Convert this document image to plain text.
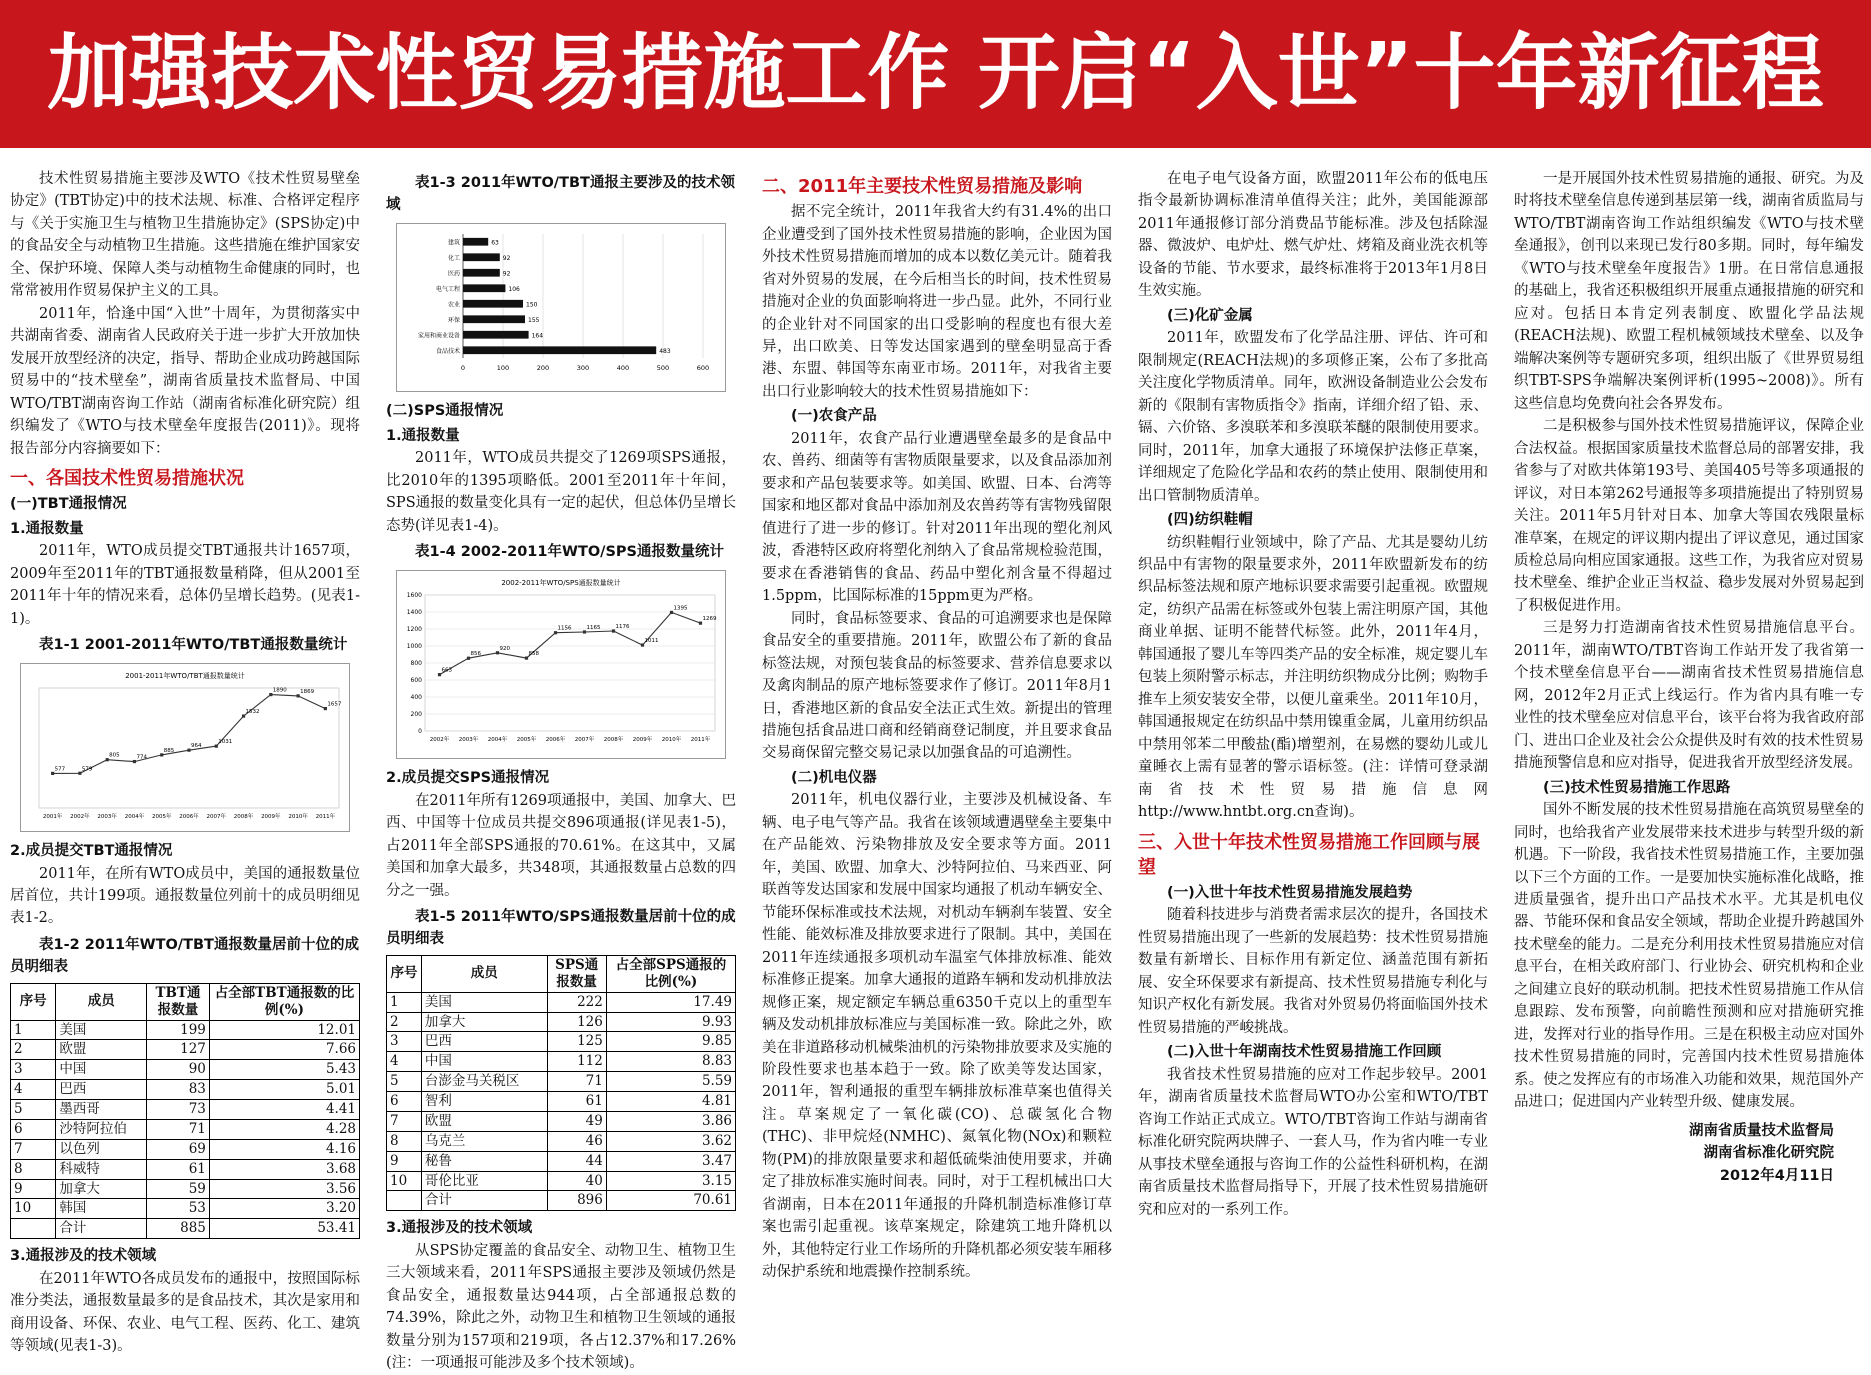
加强技术性贸易措施工作 开启“入世”十年新征程

技术性贸易措施主要涉及WTO《技术性贸易壁垒协定》(TBT协定)中的技术法规、标准、合格评定程序与《关于实施卫生与植物卫生措施协定》(SPS协定)中的食品安全与动植物卫生措施。这些措施在维护国家安全、保护环境、保障人类与动植物生命健康的同时，也常常被用作贸易保护主义的工具。

2011年，恰逢中国“入世”十周年，为贯彻落实中共湖南省委、湖南省人民政府关于进一步扩大开放加快发展开放型经济的决定，指导、帮助企业成功跨越国际贸易中的“技术壁垒”，湖南省质量技术监督局、中国WTO/TBT湖南咨询工作站（湖南省标准化研究院）组织编发了《WTO与技术壁垒年度报告(2011)》。现将报告部分内容摘要如下：

一、各国技术性贸易措施状况
(一)TBT通报情况
1.通报数量

2011年，WTO成员提交TBT通报共计1657项，2009年至2011年的TBT通报数量稍降，但从2001至2011年十年的情况来看，总体仍呈增长趋势。(见表1-1)。

表1-1 2001-2011年WTO/TBT通报数量统计
2001-2011年WTO/TBT通报数量统计
577	579
805	774
885
964
1031
1532
1890 1869
1657
2001年 2002年 2003年 2004年 2005年 2006年 2007年 2008年 2009年 2010年 2011年
2.成员提交TBT通报情况

2011年，在所有WTO成员中，美国的通报数量位居首位，共计199项。通报数量位列前十的成员明细见表1-2。

表1-2 2011年WTO/TBT通报数量居前十位的成员明细表
序号	成员	TBT通报数量	占全部TBT通报数的比例(%)
1	美国	199	12.01
2	欧盟	127	7.66
3	中国	90	5.43
4	巴西	83	5.01
5	墨西哥	73	4.41
6	沙特阿拉伯	71	4.28
7	以色列	69	4.16
8	科威特	61	3.68
9	加拿大	59	3.56
10	韩国	53	3.20
	合计	885	53.41
3.通报涉及的技术领域

在2011年WTO各成员发布的通报中，按照国际标准分类法，通报数量最多的是食品技术，其次是家用和商用设备、环保、农业、电气工程、医药、化工、建筑等领域(见表1-3)。

表1-3 2011年WTO/TBT通报主要涉及的技术领域
0	100	200	300	400	500	600
建筑	63
化工	92
医药	92
电气工程	106
农业	150
环保	155
家用和商业设备	164
食品技术	483
(二)SPS通报情况
1.通报数量

2011年，WTO成员共提交了1269项SPS通报，比2010年的1395项略低。2001至2011年十年间，SPS通报的数量变化具有一定的起伏，但总体仍呈增长态势(详见表1-4)。

表1-4 2002-2011年WTO/SPS通报数量统计
2002-2011年WTO/SPS通报数量统计
0
200
400
600
800
1000
1200
1400
1600
663
856
920
858
1156	1165	1176
1011
1395
1269
2002年 2003年 2004年 2005年 2006年 2007年 2008年 2009年 2010年 2011年
2.成员提交SPS通报情况

在2011年所有1269项通报中，美国、加拿大、巴西、中国等十位成员共提交896项通报(详见表1-5)，占2011年全部SPS通报的70.61%。在这其中，又属美国和加拿大最多，共348项，其通报数量占总数的四分之一强。

表1-5 2011年WTO/SPS通报数量居前十位的成员明细表
序号	成员	SPS通报数量	占全部SPS通报的比例(%)
1	美国	222	17.49
2	加拿大	126	9.93
3	巴西	125	9.85
4	中国	112	8.83
5	台澎金马关税区	71	5.59
6	智利	61	4.81
7	欧盟	49	3.86
8	乌克兰	46	3.62
9	秘鲁	44	3.47
10	哥伦比亚	40	3.15
	合计	896	70.61
3.通报涉及的技术领域

从SPS协定覆盖的食品安全、动物卫生、植物卫生三大领域来看，2011年SPS通报主要涉及领域仍然是食品安全，通报数量达944项，占全部通报总数的74.39%，除此之外，动物卫生和植物卫生领域的通报数量分别为157项和219项，各占12.37%和17.26%(注：一项通报可能涉及多个技术领域)。

二、2011年主要技术性贸易措施及影响

据不完全统计，2011年我省大约有31.4%的出口企业遭受到了国外技术性贸易措施的影响，企业因为国外技术性贸易措施而增加的成本以数亿美元计。随着我省对外贸易的发展，在今后相当长的时间，技术性贸易措施对企业的负面影响将进一步凸显。此外，不同行业的企业针对不同国家的出口受影响的程度也有很大差异，出口欧美、日等发达国家遇到的壁垒明显高于香港、东盟、韩国等东南亚市场。2011年，对我省主要出口行业影响较大的技术性贸易措施如下：

(一)农食产品

2011年，农食产品行业遭遇壁垒最多的是食品中农、兽药、细菌等有害物质限量要求，以及食品添加剂要求和产品包装要求等。如美国、欧盟、日本、台湾等国家和地区都对食品中添加剂及农兽药等有害物残留限值进行了进一步的修订。针对2011年出现的塑化剂风波，香港特区政府将塑化剂纳入了食品常规检验范围，要求在香港销售的食品、药品中塑化剂含量不得超过1.5ppm，比国际标准的15ppm更为严格。

同时，食品标签要求、食品的可追溯要求也是保障食品安全的重要措施。2011年，欧盟公布了新的食品标签法规，对预包装食品的标签要求、营养信息要求以及禽肉制品的原产地标签要求作了修订。2011年8月1日，香港地区新的食品安全法正式生效。新提出的管理措施包括食品进口商和经销商登记制度，并且要求食品交易商保留完整交易记录以加强食品的可追溯性。

(二)机电仪器

2011年，机电仪器行业，主要涉及机械设备、车辆、电子电气等产品。我省在该领域遭遇壁垒主要集中在产品能效、污染物排放及安全要求等方面。2011年，美国、欧盟、加拿大、沙特阿拉伯、马来西亚、阿联酋等发达国家和发展中国家均通报了机动车辆安全、节能环保标准或技术法规，对机动车辆刹车装置、安全性能、能效标准及排放要求进行了限制。其中，美国在2011年连续通报多项机动车温室气体排放标准、能效标准修正提案。加拿大通报的道路车辆和发动机排放法规修正案，规定额定车辆总重6350千克以上的重型车辆及发动机排放标准应与美国标准一致。除此之外，欧美在非道路移动机械柴油机的污染物排放要求及实施的阶段性要求也基本趋于一致。除了欧美等发达国家，2011年，智利通报的重型车辆排放标准草案也值得关注。草案规定了一氧化碳(CO)、总碳氢化合物(THC)、非甲烷烃(NMHC)、氮氧化物(NOx)和颗粒物(PM)的排放限量要求和超低硫柴油使用要求，并确定了排放标准实施时间表。同时，对于工程机械出口大省湖南，日本在2011年通报的升降机制造标准修订草案也需引起重视。该草案规定，除建筑工地升降机以外，其他特定行业工作场所的升降机都必须安装车厢移动保护系统和地震操作控制系统。

在电子电气设备方面，欧盟2011年公布的低电压指令最新协调标准清单值得关注；此外，美国能源部2011年通报修订部分消费品节能标准。涉及包括除湿器、微波炉、电炉灶、燃气炉灶、烤箱及商业洗衣机等设备的节能、节水要求，最终标准将于2013年1月8日生效实施。

(三)化矿金属

2011年，欧盟发布了化学品注册、评估、许可和限制规定(REACH法规)的多项修正案，公布了多批高关注度化学物质清单。同年，欧洲设备制造业公会发布新的《限制有害物质指令》指南，详细介绍了铅、汞、镉、六价铬、多溴联苯和多溴联苯醚的限制使用要求。同时，2011年，加拿大通报了环境保护法修正草案，详细规定了危险化学品和农药的禁止使用、限制使用和出口管制物质清单。

(四)纺织鞋帽

纺织鞋帽行业领域中，除了产品、尤其是婴幼儿纺织品中有害物的限量要求外，2011年欧盟新发布的纺织品标签法规和原产地标识要求需要引起重视。欧盟规定，纺织产品需在标签或外包装上需注明原产国，其他商业单据、证明不能替代标签。此外，2011年4月，韩国通报了婴儿车等四类产品的安全标准，规定婴儿车包装上须附警示标志，并注明纺织物成分比例；购物手推车上须安装安全带，以便儿童乘坐。2011年10月，韩国通报规定在纺织品中禁用镍重金属，儿童用纺织品中禁用邻苯二甲酸盐(酯)增塑剂，在易燃的婴幼儿或儿童睡衣上需有显著的警示语标签。(注：详情可登录湖南省技术性贸易措施信息网http://www.hntbt.org.cn查询)。

三、入世十年技术性贸易措施工作回顾与展望
(一)入世十年技术性贸易措施发展趋势

随着科技进步与消费者需求层次的提升，各国技术性贸易措施出现了一些新的发展趋势：技术性贸易措施数量有新增长、目标作用有新定位、涵盖范围有新拓展、安全环保要求有新提高、技术性贸易措施专利化与知识产权化有新发展。我省对外贸易仍将面临国外技术性贸易措施的严峻挑战。

(二)入世十年湖南技术性贸易措施工作回顾

我省技术性贸易措施的应对工作起步较早。2001年，湖南省质量技术监督局WTO办公室和WTO/TBT咨询工作站正式成立。WTO/TBT咨询工作站与湖南省标准化研究院两块牌子、一套人马，作为省内唯一专业从事技术壁垒通报与咨询工作的公益性科研机构，在湖南省质量技术监督局指导下，开展了技术性贸易措施研究和应对的一系列工作。

一是开展国外技术性贸易措施的通报、研究。为及时将技术壁垒信息传递到基层第一线，湖南省质监局与WTO/TBT湖南咨询工作站组织编发《WTO与技术壁垒通报》，创刊以来现已发行80多期。同时，每年编发《WTO与技术壁垒年度报告》1册。在日常信息通报的基础上，我省还积极组织开展重点通报措施的研究和应对。包括日本肯定列表制度、欧盟化学品法规(REACH法规)、欧盟工程机械领域技术壁垒、以及争端解决案例等专题研究多项，组织出版了《世界贸易组织TBT-SPS争端解决案例评析(1995~2008)》。所有这些信息均免费向社会各界发布。

二是积极参与国外技术性贸易措施评议，保障企业合法权益。根据国家质量技术监督总局的部署安排，我省参与了对欧共体第193号、美国405号等多项通报的评议，对日本第262号通报等多项措施提出了特别贸易关注。2011年5月针对日本、加拿大等国农残限量标准草案，在规定的评议期内提出了评议意见，通过国家质检总局向相应国家通报。这些工作，为我省应对贸易技术壁垒、维护企业正当权益、稳步发展对外贸易起到了积极促进作用。

三是努力打造湖南省技术性贸易措施信息平台。2011年，湖南WTO/TBT咨询工作站开发了我省第一个技术壁垒信息平台——湖南省技术性贸易措施信息网，2012年2月正式上线运行。作为省内具有唯一专业性的技术壁垒应对信息平台，该平台将为我省政府部门、进出口企业及社会公众提供及时有效的技术性贸易措施预警信息和应对指导，促进我省开放型经济发展。

(三)技术性贸易措施工作思路

国外不断发展的技术性贸易措施在高筑贸易壁垒的同时，也给我省产业发展带来技术进步与转型升级的新机遇。下一阶段，我省技术性贸易措施工作，主要加强以下三个方面的工作。一是要加快实施标准化战略，推进质量强省，提升出口产品技术水平。尤其是机电仪器、节能环保和食品安全领域，帮助企业提升跨越国外技术壁垒的能力。二是充分利用技术性贸易措施应对信息平台，在相关政府部门、行业协会、研究机构和企业之间建立良好的联动机制。把技术性贸易措施工作从信息跟踪、发布预警，向前瞻性预测和应对措施研究推进，发挥对行业的指导作用。三是在积极主动应对国外技术性贸易措施的同时，完善国内技术性贸易措施体系。使之发挥应有的市场准入功能和效果，规范国外产品进口；促进国内产业转型升级、健康发展。

湖南省质量技术监督局
湖南省标准化研究院
2012年4月11日
